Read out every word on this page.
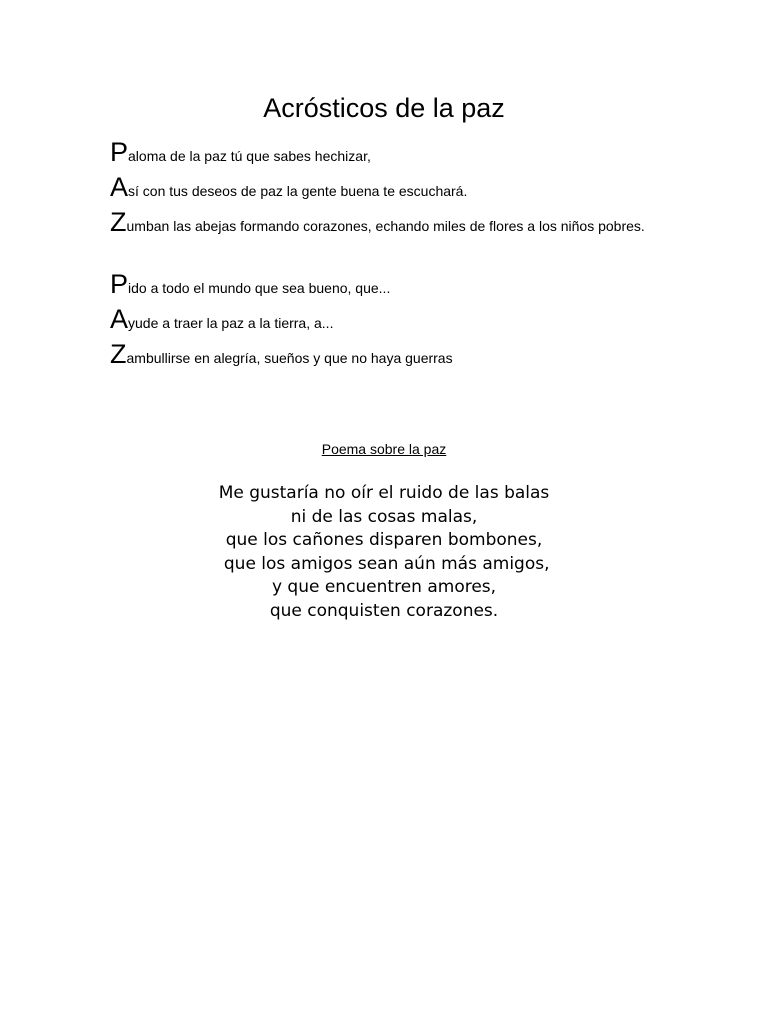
Acrósticos de la paz
Paloma de la paz tú que sabes hechizar,
Así con tus deseos de paz la gente buena te escuchará.
Zumban las abejas formando corazones, echando miles de flores a los niños pobres.
Pido a todo el mundo que sea bueno, que...
Ayude a traer la paz a la tierra, a...
Zambullirse en alegría, sueños y que no haya guerras
Poema sobre la paz
Me gustaría no oír el ruido de las balas
ni de las cosas malas,
que los cañones disparen bombones,
que los amigos sean aún más amigos,
y que encuentren amores,
que conquisten corazones.
